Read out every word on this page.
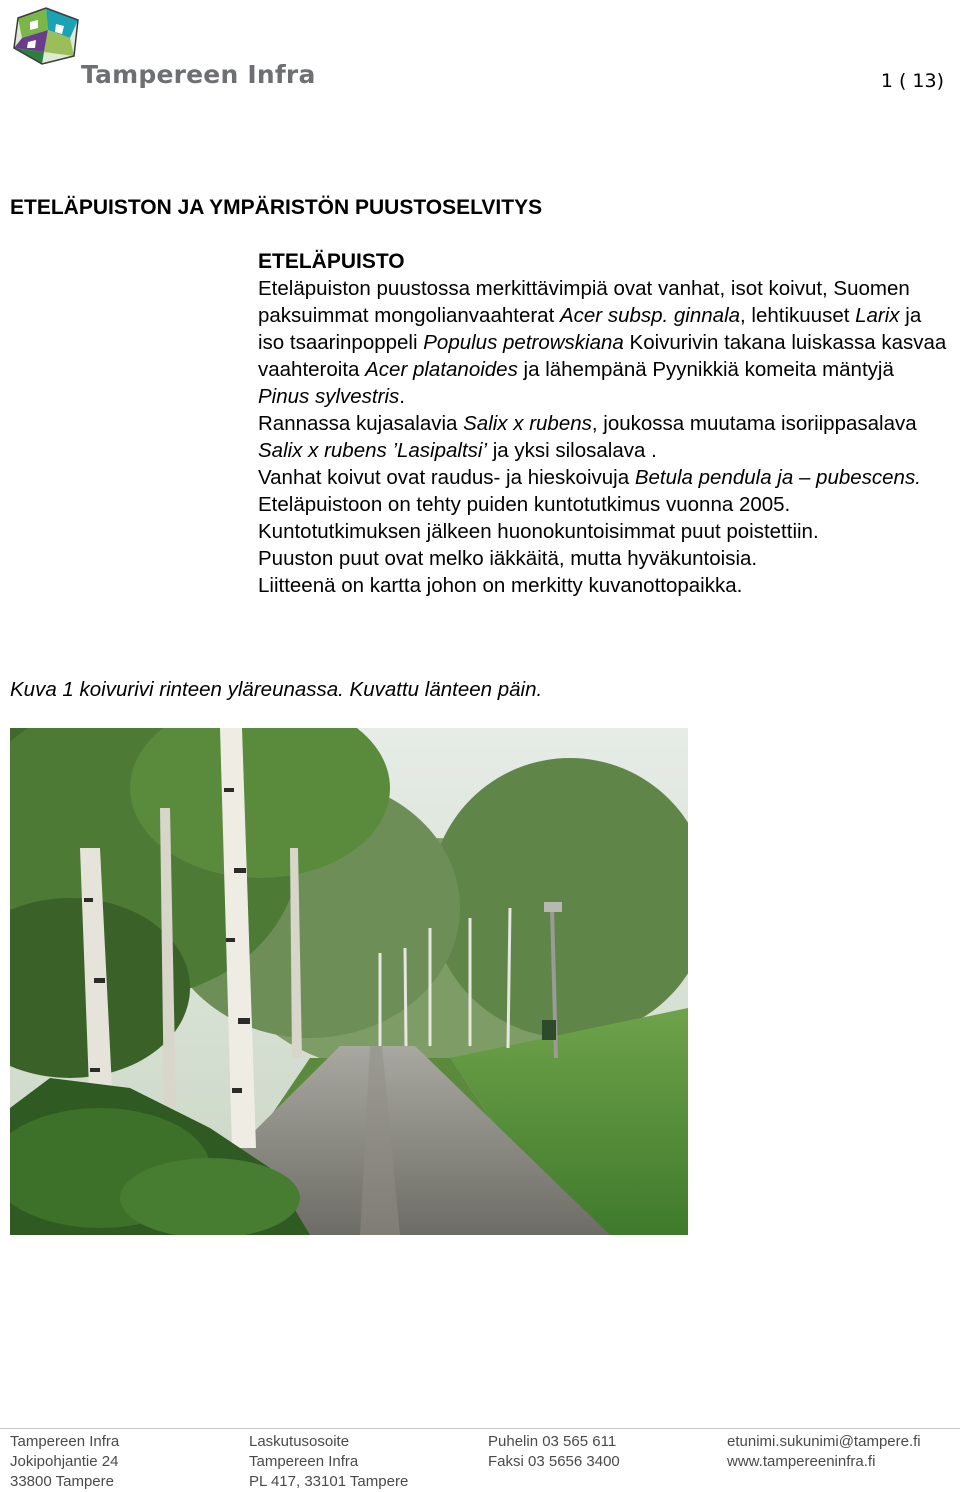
Tampereen Infra	1 ( 13)
ETELÄPUISTON JA YMPÄRISTÖN PUUSTOSELVITYS
ETELÄPUISTO

Eteläpuiston puustossa merkittävimpiä ovat vanhat, isot koivut, Suomen paksuimmat mongolianvaahterat Acer subsp. ginnala, lehtikuuset Larix ja iso tsaarinpoppeli Populus petrowskiana Koivurivin takana luiskassa kasvaa vaahteroita Acer platanoides ja lähempänä Pyynikkiä komeita mäntyjä Pinus sylvestris.

Rannassa kujasalavia Salix x rubens, joukossa muutama isoriippasalava Salix x rubens ’Lasipaltsi’ ja yksi silosalava .

Vanhat koivut ovat raudus- ja hieskoivuja Betula pendula ja – pubescens.

Eteläpuistoon on tehty puiden kuntotutkimus vuonna 2005.

Kuntotutkimuksen jälkeen huonokuntoisimmat puut poistettiin.

Puuston puut ovat melko iäkkäitä, mutta hyväkuntoisia.

Liitteenä on kartta johon on merkitty kuvanottopaikka.

Kuva 1 koivurivi rinteen yläreunassa. Kuvattu länteen päin.
Tampereen Infra
Jokipohjantie 24
33800 Tampere
Laskutusosoite
Tampereen Infra
PL 417, 33101 Tampere
Puhelin 03 565 611
Faksi 03 5656 3400
etunimi.sukunimi@tampere.fi
www.tampereeninfra.fi
